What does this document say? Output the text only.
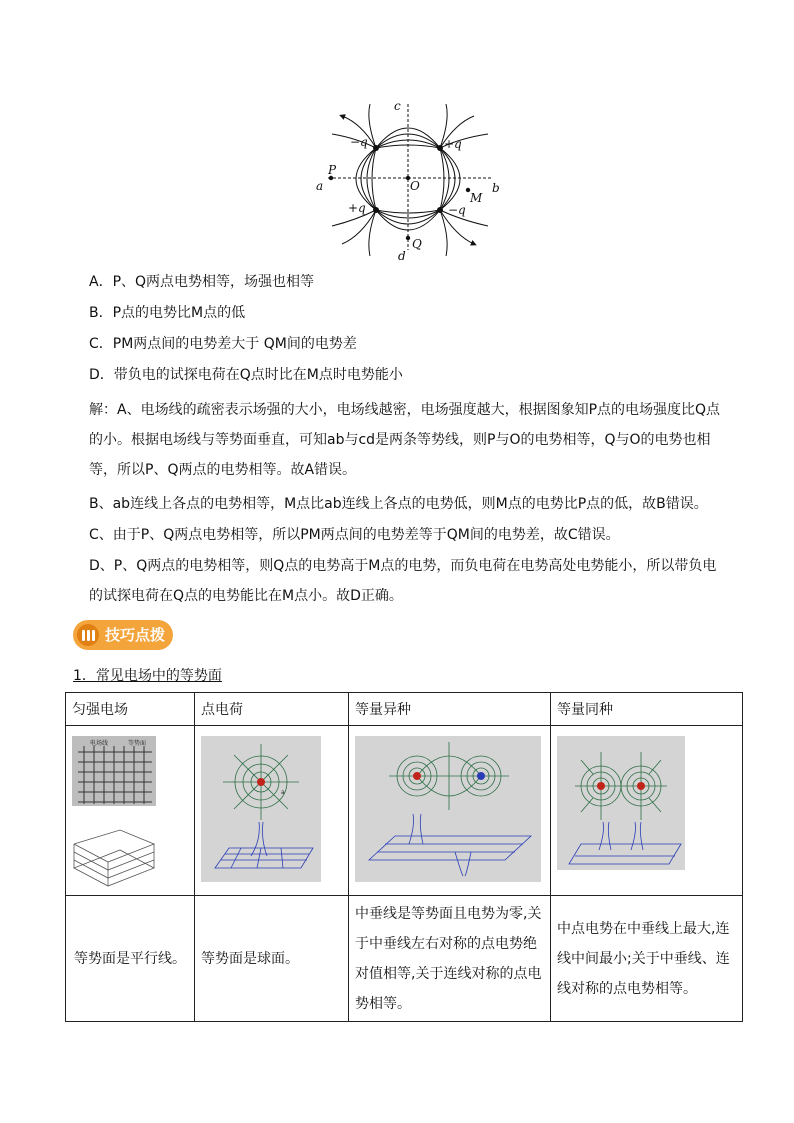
c
d
a	b
O
P
Q
M
−q	+q
+q	−q
A．P、Q两点电势相等，场强也相等
B．P点的电势比M点的低
C．PM两点间的电势差大于 QM间的电势差
D．带负电的试探电荷在Q点时比在M点时电势能小
解：A、电场线的疏密表示场强的大小，电场线越密，电场强度越大，根据图象知P点的电场强度比Q点的小。根据电场线与等势面垂直，可知ab与cd是两条等势线，则P与O的电势相等，Q与O的电势也相等，所以P、Q两点的电势相等。故A错误。
B、ab连线上各点的电势相等，M点比ab连线上各点的电势低，则M点的电势比P点的低，故B错误。
C、由于P、Q两点电势相等，所以PM两点间的电势差等于QM间的电势差，故C错误。
D、P、Q两点的电势相等，则Q点的电势高于M点的电势，而负电荷在电势高处电势能小，所以带负电的试探电荷在Q点的电势能比在M点小。故D正确。
技巧点拨
1．常见电场中的等势面
匀强电场	点电荷	等量异种	等量同种

电场线 等势面	a

等势面是平行线。	等势面是球面。	中垂线是等势面且电势为零,关于中垂线左右对称的点电势绝对值相等,关于连线对称的点电势相等。	中点电势在中垂线上最大,连线中间最小;关于中垂线、连线对称的点电势相等。
